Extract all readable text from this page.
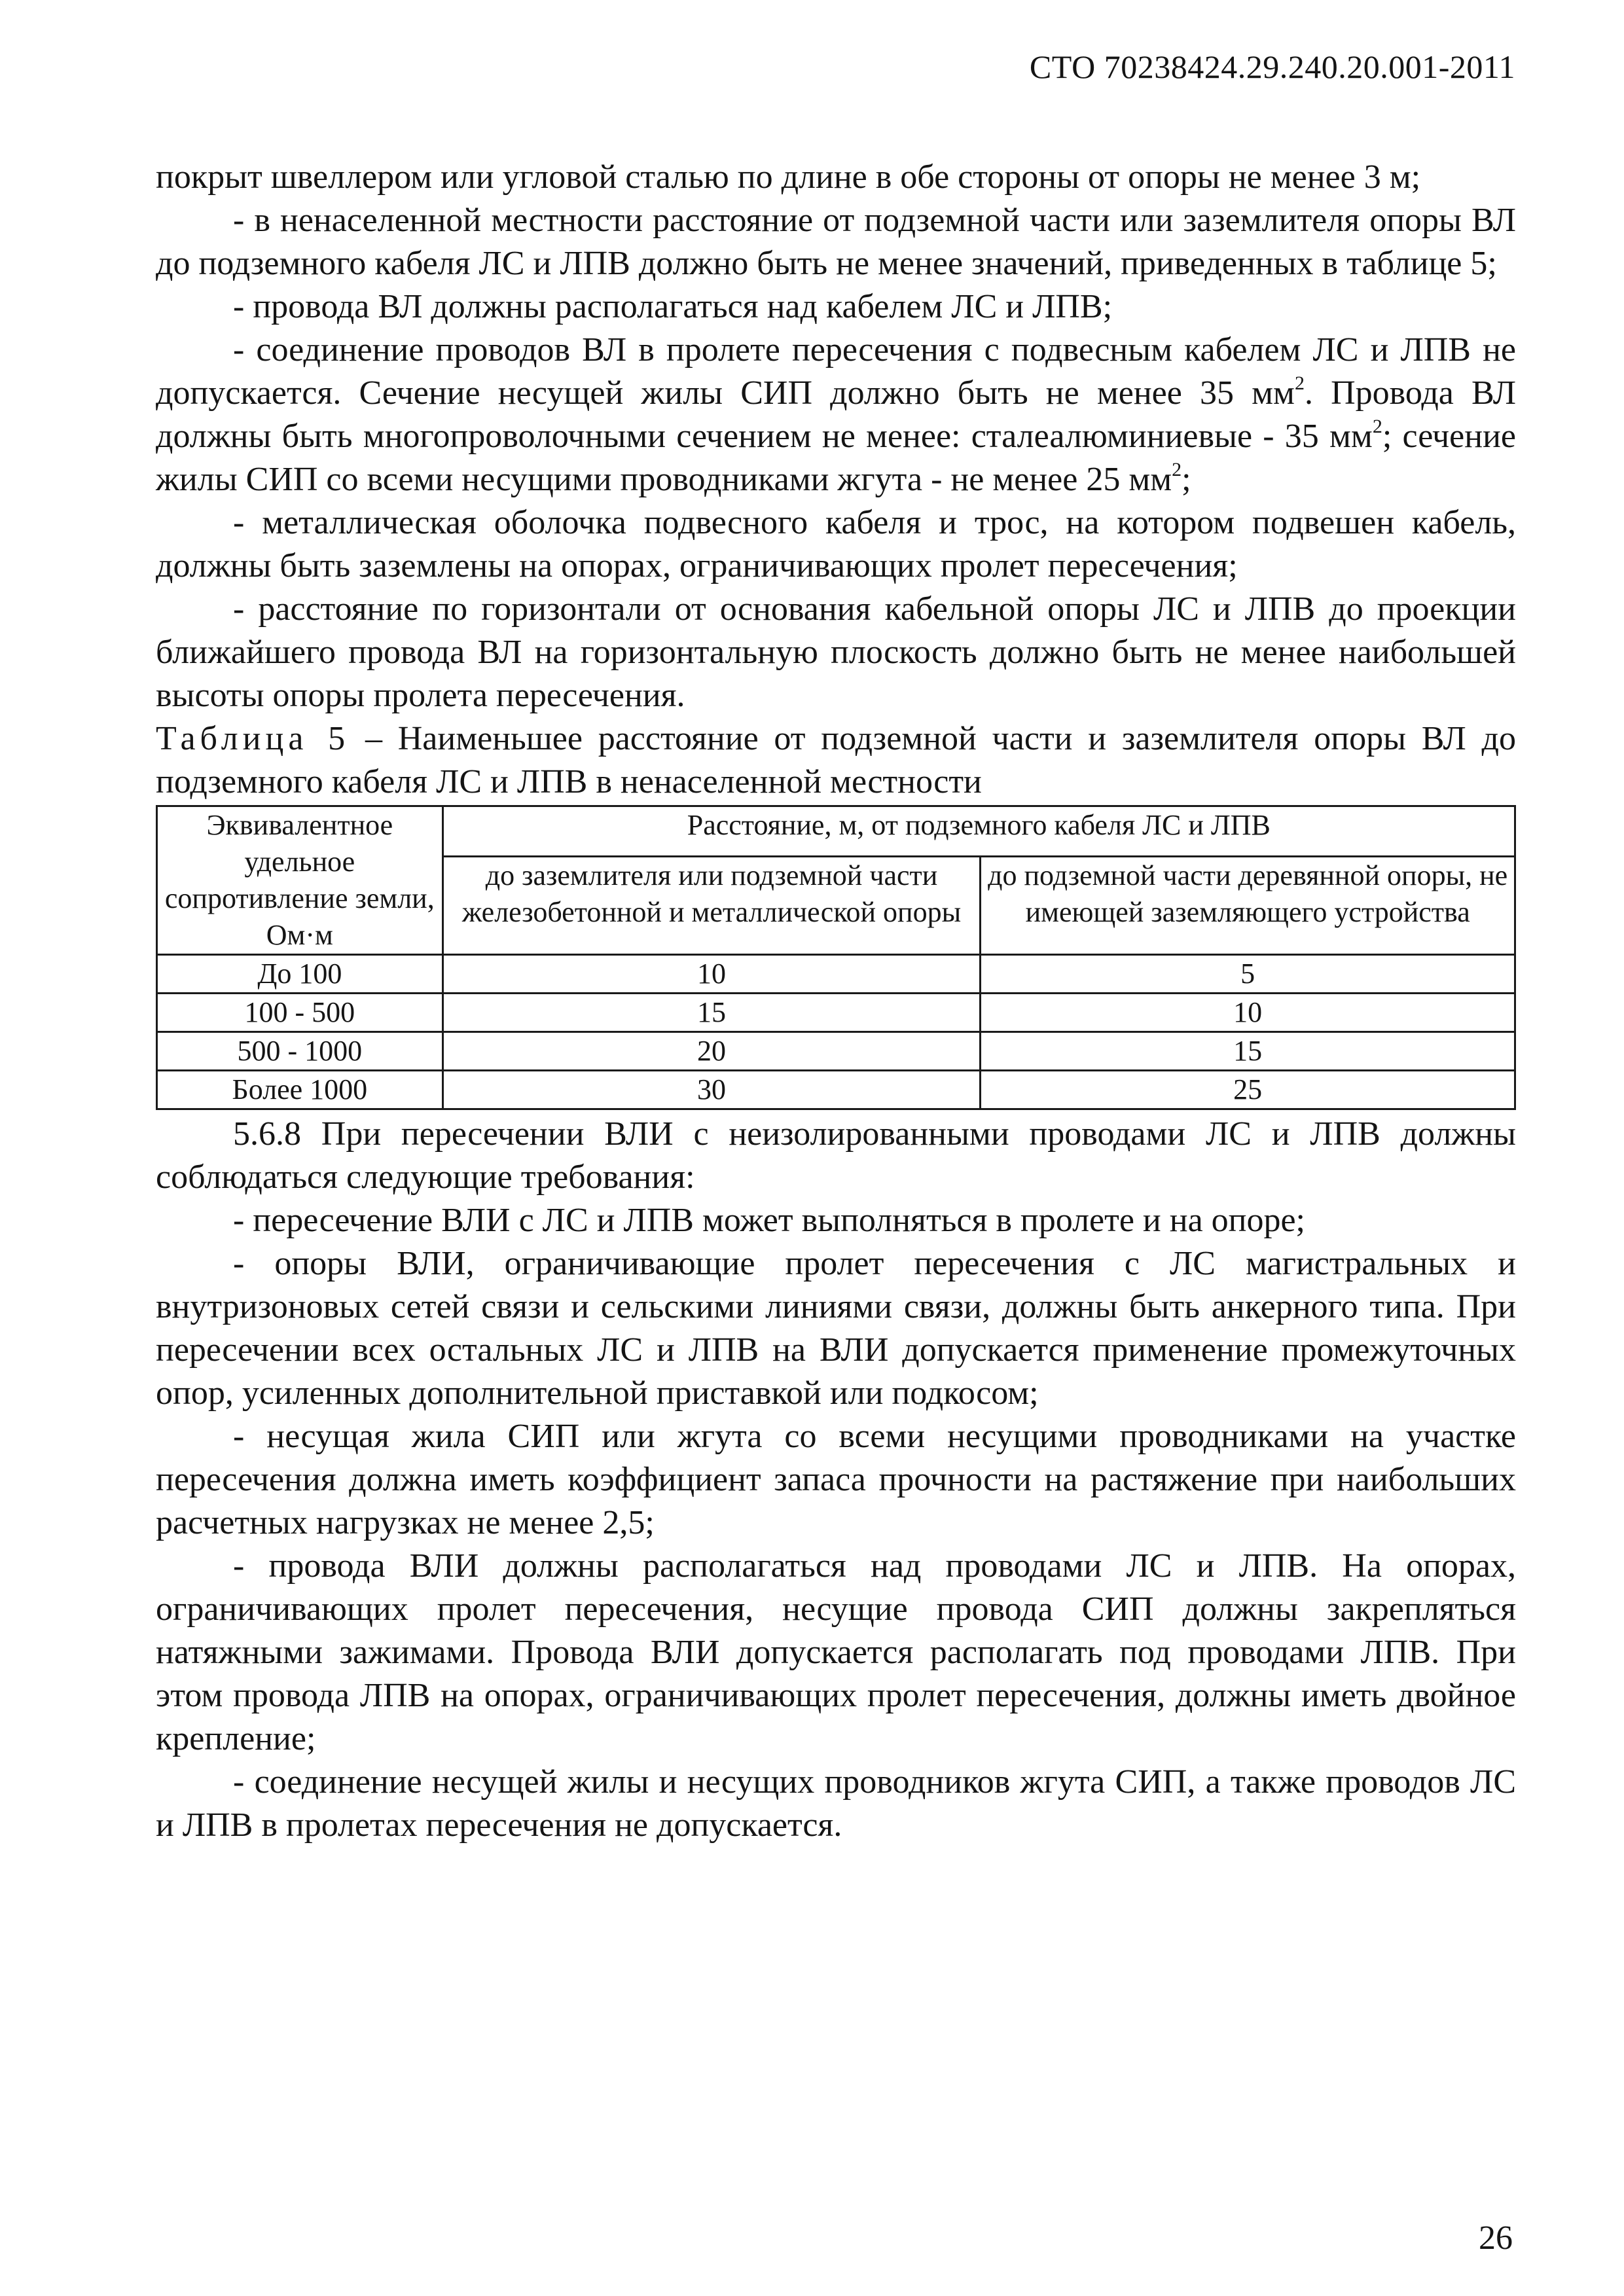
СТО 70238424.29.240.20.001-2011

покрыт швеллером или угловой сталью по длине в обе стороны от опоры не менее 3 м;

- в ненаселенной местности расстояние от подземной части или заземлителя опоры ВЛ до подземного кабеля ЛС и ЛПВ должно быть не менее значений, приведенных в таблице 5;

- провода ВЛ должны располагаться над кабелем ЛС и ЛПВ;

- соединение проводов ВЛ в пролете пересечения с подвесным кабелем ЛС и ЛПВ не допускается. Сечение несущей жилы СИП должно быть не менее 35 $мм^2$. Провода ВЛ должны быть многопроволочными сечением не менее: сталеалюминиевые - 35 $мм^2$; сечение жилы СИП со всеми несущими проводниками жгута - не менее 25 $мм^2$;

- металлическая оболочка подвесного кабеля и трос, на котором подвешен кабель, должны быть заземлены на опорах, ограничивающих пролет пересечения;

- расстояние по горизонтали от основания кабельной опоры ЛС и ЛПВ до проекции ближайшего провода ВЛ на горизонтальную плоскость должно быть не менее наибольшей высоты опоры пролета пересечения.

Таблица 5 – Наименьшее расстояние от подземной части и заземлителя опоры ВЛ до подземного кабеля ЛС и ЛПВ в ненаселенной местности

Эквивалентное удельное сопротивление земли, Ом·м	Расстояние, м, от подземного кабеля ЛС и ЛПВ	
	до заземлителя или подземной части железобетонной и металлической опоры	до подземной части деревянной опоры, не имеющей заземляющего устройства
До 100	10	5
100 - 500	15	10
500 - 1000	20	15
Более 1000	30	25

5.6.8 При пересечении ВЛИ с неизолированными проводами ЛС и ЛПВ должны соблюдаться следующие требования:

- пересечение ВЛИ с ЛС и ЛПВ может выполняться в пролете и на опоре;

- опоры ВЛИ, ограничивающие пролет пересечения с ЛС магистральных и внутризоновых сетей связи и сельскими линиями связи, должны быть анкерного типа. При пересечении всех остальных ЛС и ЛПВ на ВЛИ допускается применение промежуточных опор, усиленных дополнительной приставкой или подкосом;

- несущая жила СИП или жгута со всеми несущими проводниками на участке пересечения должна иметь коэффициент запаса прочности на растяжение при наибольших расчетных нагрузках не менее 2,5;

- провода ВЛИ должны располагаться над проводами ЛС и ЛПВ. На опорах, ограничивающих пролет пересечения, несущие провода СИП должны закрепляться натяжными зажимами. Провода ВЛИ допускается располагать под проводами ЛПВ. При этом провода ЛПВ на опорах, ограничивающих пролет пересечения, должны иметь двойное крепление;

- соединение несущей жилы и несущих проводников жгута СИП, а также проводов ЛС и ЛПВ в пролетах пересечения не допускается.

26
